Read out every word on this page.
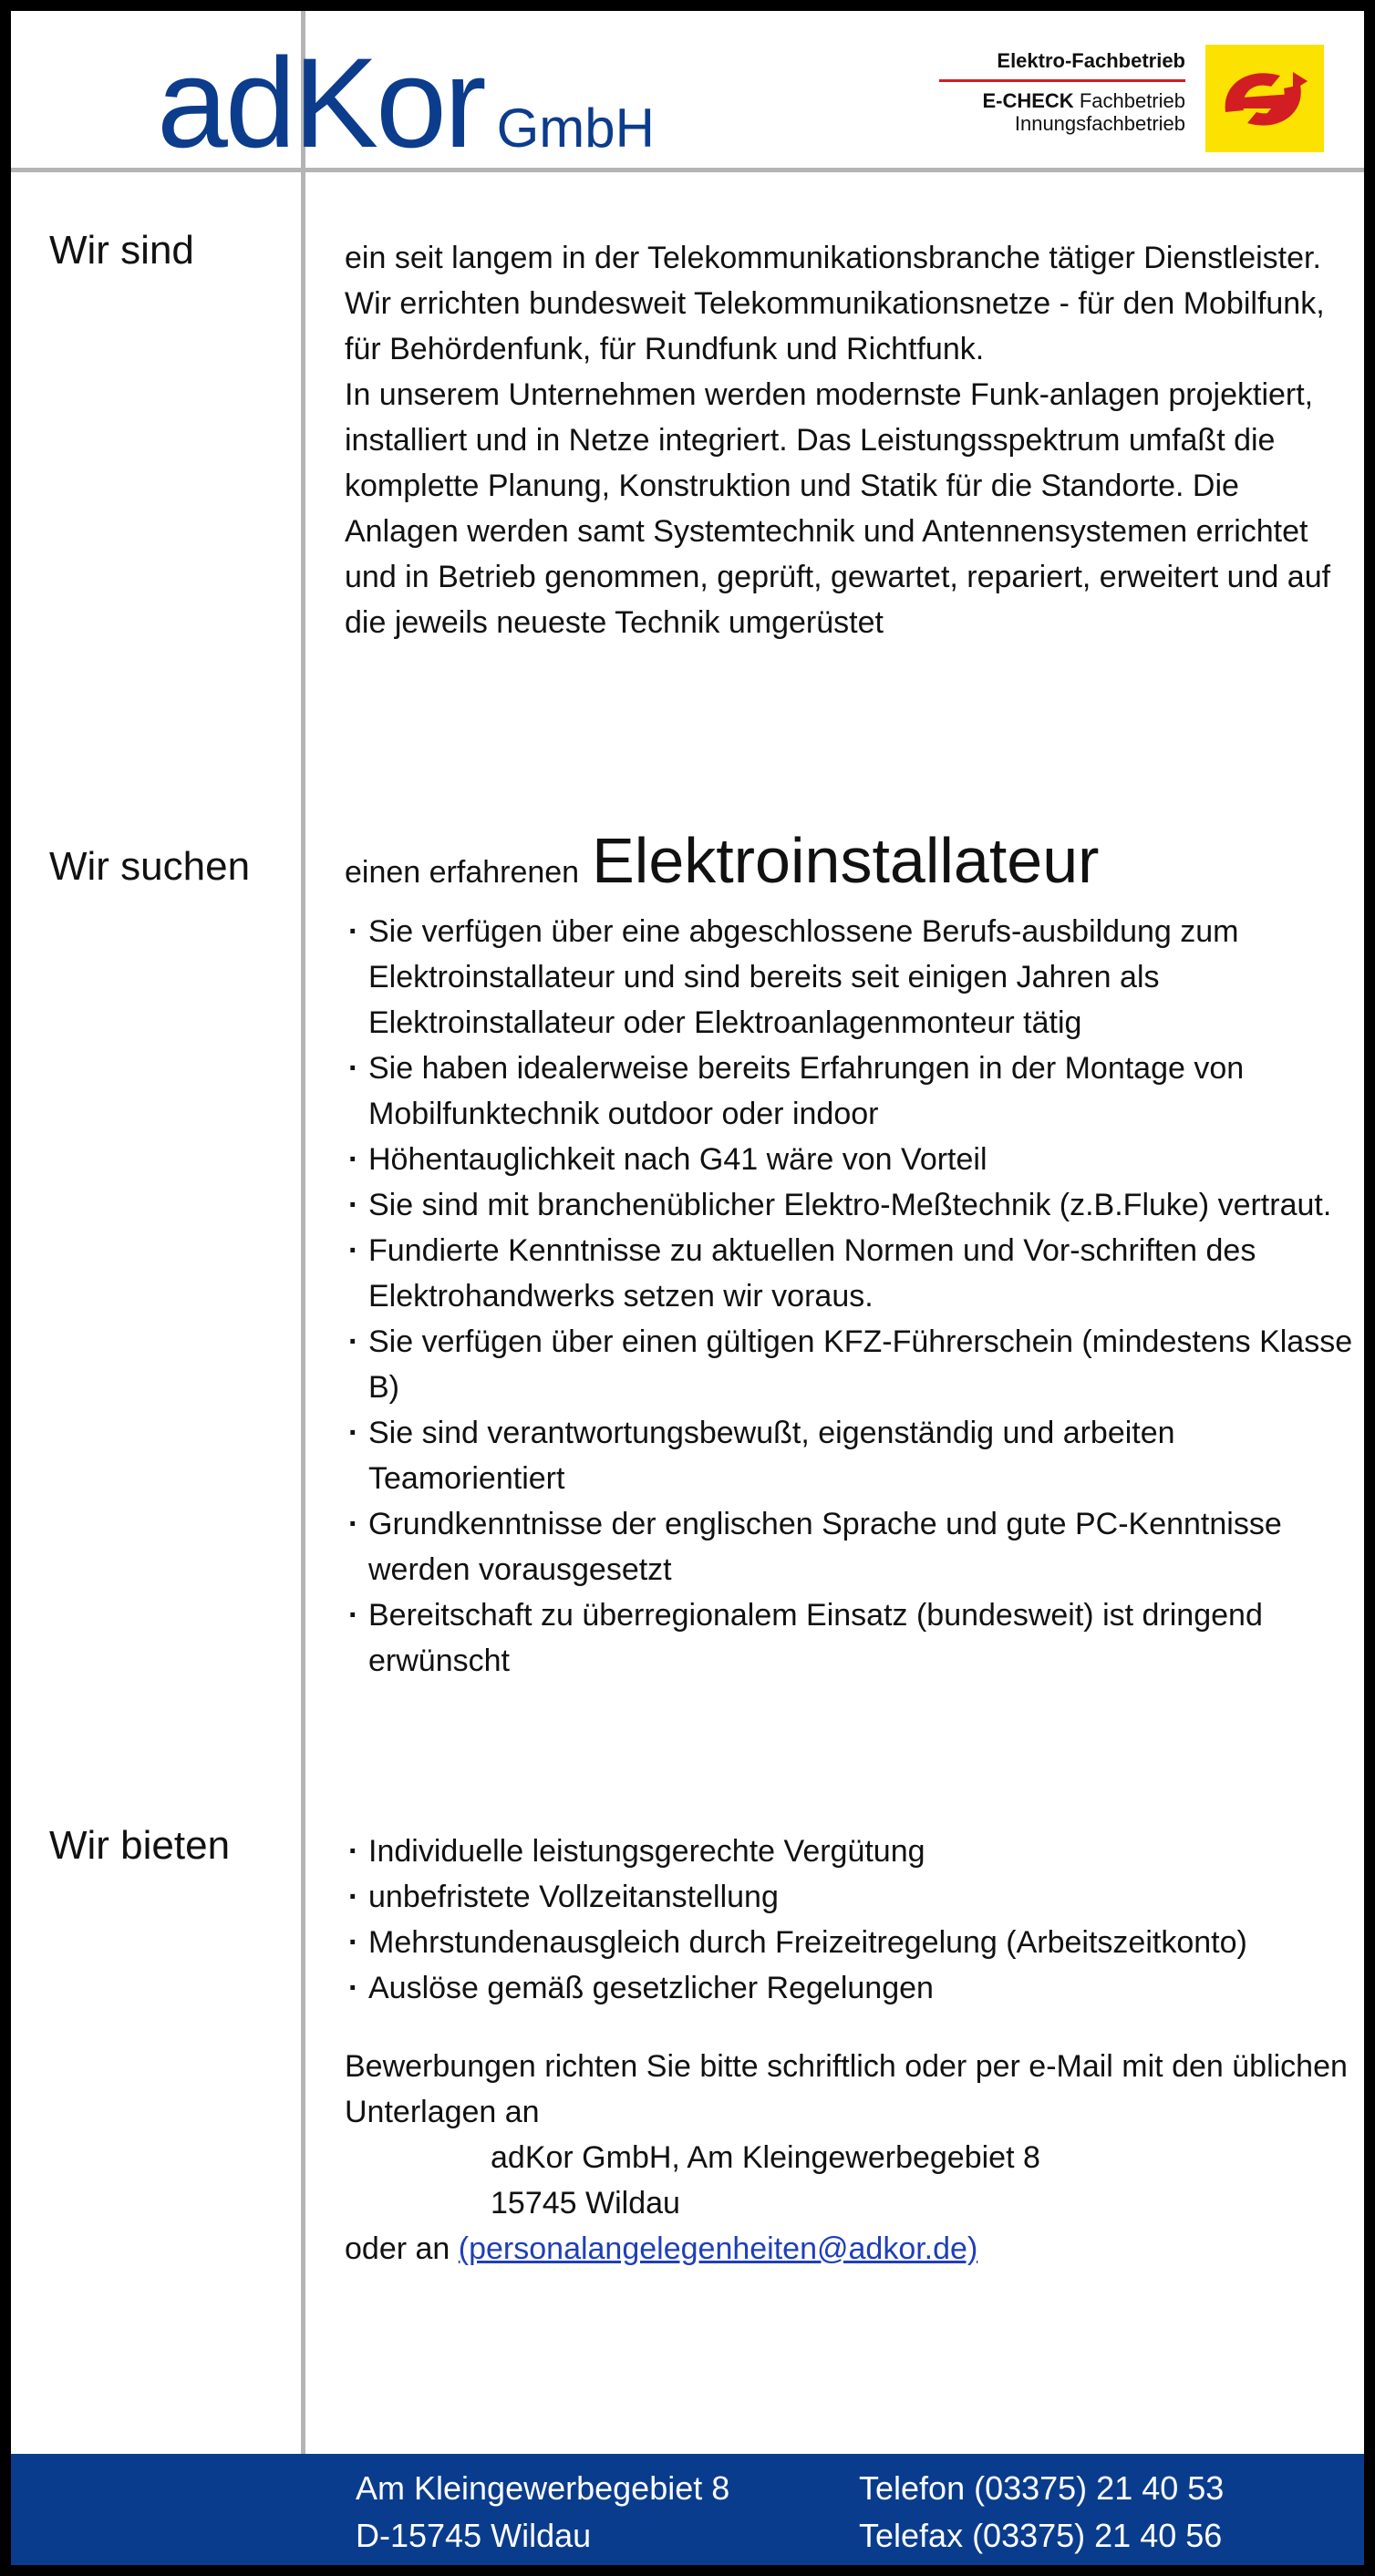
adKor GmbH
Elektro-Fachbetrieb
E-CHECK Fachbetrieb
Innungsfachbetrieb
Wir sind	ein seit langem in der Telekommunikationsbranche tätiger Dienstleister. Wir errichten bundesweit Telekommunikationsnetze - für den Mobilfunk, für Behördenfunk, für Rundfunk und Richtfunk.

In unserem Unternehmen werden modernste Funk-anlagen projektiert, installiert und in Netze integriert. Das Leistungsspektrum umfaßt die komplette Planung, Konstruktion und Statik für die Standorte. Die Anlagen werden samt Systemtechnik und Antennensystemen errichtet und in Betrieb genommen, geprüft, gewartet, repariert, erweitert und auf die jeweils neueste Technik umgerüstet

Wir suchen	einen erfahrenen Elektroinstallateur
· Sie verfügen über eine abgeschlossene Berufs-ausbildung zum Elektroinstallateur und sind bereits seit einigen Jahren als Elektroinstallateur oder Elektroanlagenmonteur tätig
· Sie haben idealerweise bereits Erfahrungen in der Montage von Mobilfunktechnik outdoor oder indoor
· Höhentauglichkeit nach G41 wäre von Vorteil
· Sie sind mit branchenüblicher Elektro-Meßtechnik (z.B.Fluke) vertraut.
· Fundierte Kenntnisse zu aktuellen Normen und Vor-schriften des Elektrohandwerks setzen wir voraus.
· Sie verfügen über einen gültigen KFZ-Führerschein (mindestens Klasse B)
· Sie sind verantwortungsbewußt, eigenständig und arbeiten Teamorientiert
· Grundkenntnisse der englischen Sprache und gute PC-Kenntnisse werden vorausgesetzt
· Bereitschaft zu überregionalem Einsatz (bundesweit) ist dringend erwünscht
Wir bieten
·	Individuelle leistungsgerechte Vergütung
· unbefristete Vollzeitanstellung
· Mehrstundenausgleich durch Freizeitregelung (Arbeitszeitkonto)
· Auslöse gemäß gesetzlicher Regelungen

Bewerbungen richten Sie bitte schriftlich oder per e-Mail mit den üblichen Unterlagen an

adKor GmbH, Am Kleingewerbegebiet 8

15745 Wildau

oder an (personalangelegenheiten@adkor.de)

Am Kleingewerbegebiet 8
D-15745 Wildau
Telefon (03375) 21 40 53
Telefax (03375) 21 40 56
